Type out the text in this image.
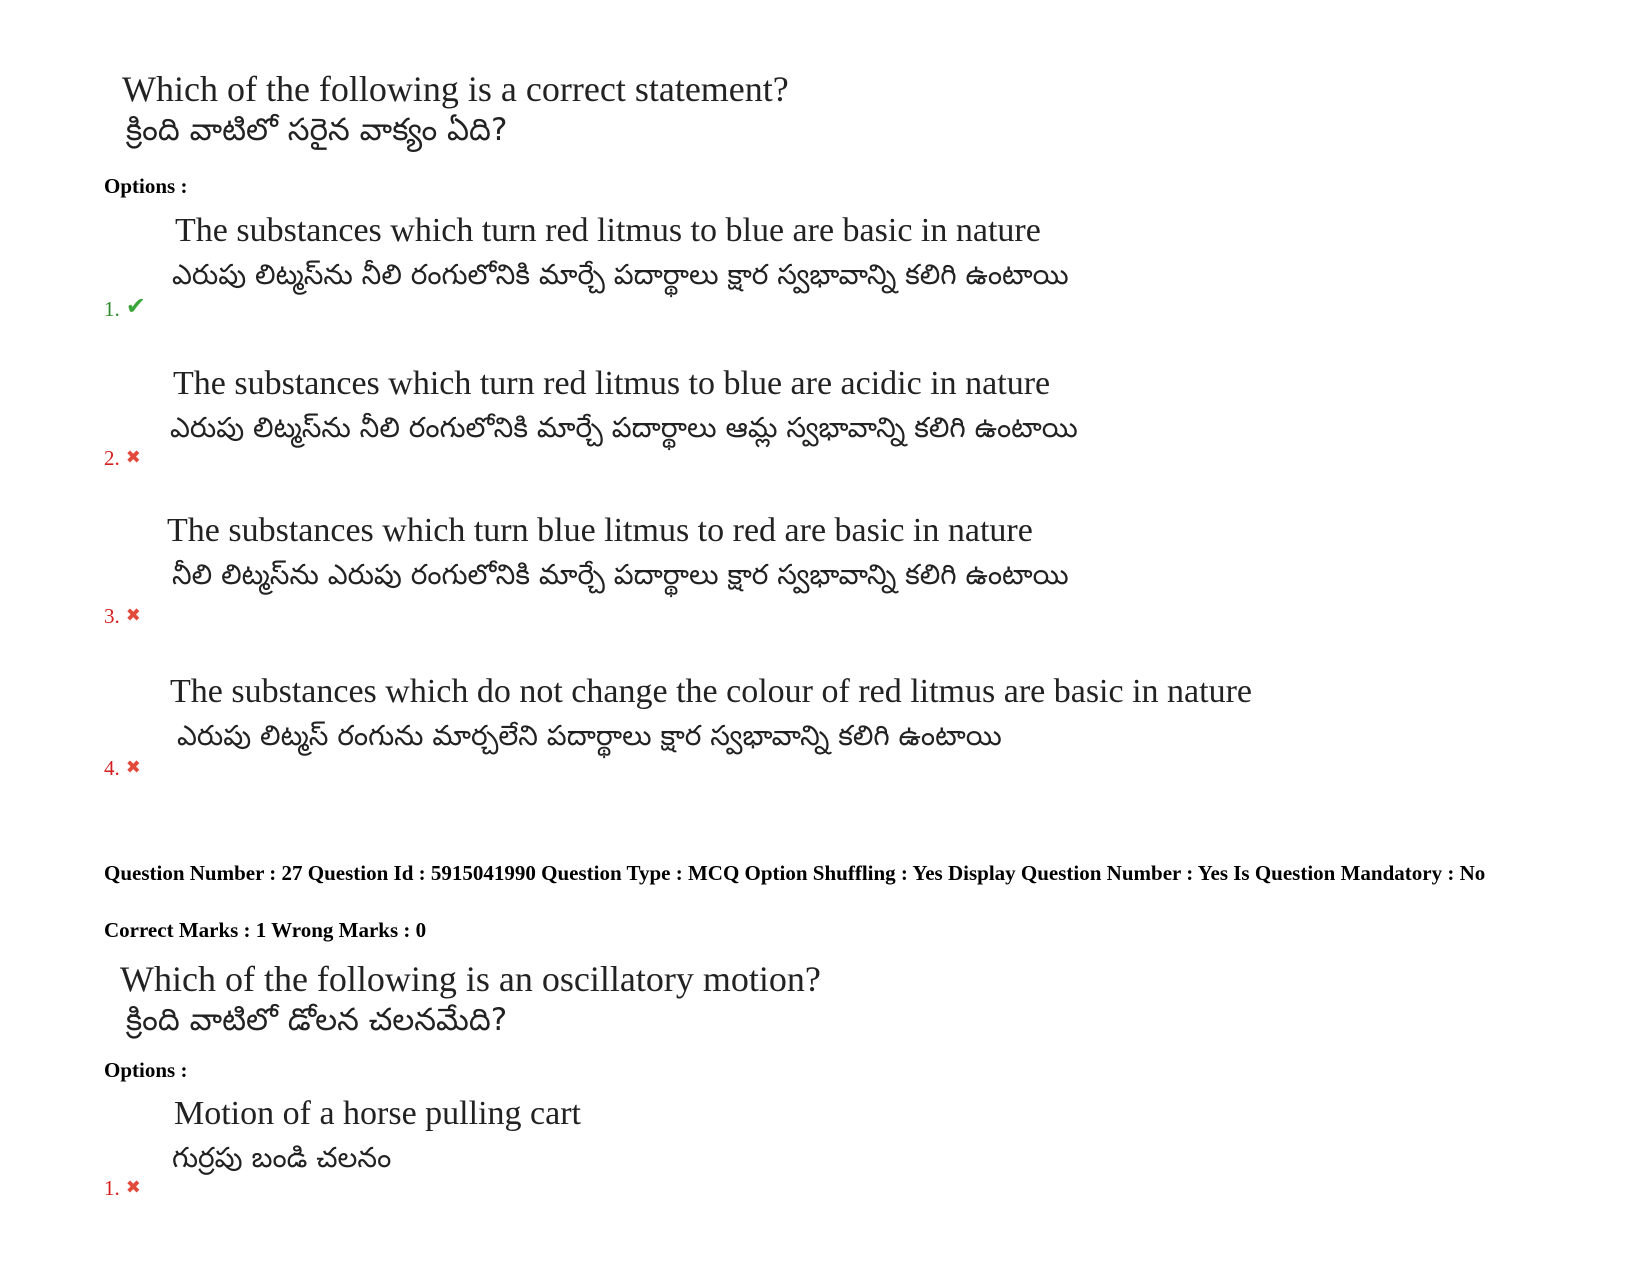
Which of the following is a correct statement?
క్రింది వాటిలో సరైన వాక్యం ఏది?
Options :
The substances which turn red litmus to blue are basic in nature
ఎరుపు లిట్మస్‌ను నీలి రంగులోనికి మార్చే పదార్థాలు క్షార స్వభావాన్ని కలిగి ఉంటాయి
1. ✔
The substances which turn red litmus to blue are acidic in nature
ఎరుపు లిట్మస్‌ను నీలి రంగులోనికి మార్చే పదార్థాలు ఆమ్ల స్వభావాన్ని కలిగి ఉంటాయి
2. ✖
The substances which turn blue litmus to red are basic in nature
నీలి లిట్మస్‌ను ఎరుపు రంగులోనికి మార్చే పదార్థాలు క్షార స్వభావాన్ని కలిగి ఉంటాయి
3. ✖
The substances which do not change the colour of red litmus are basic in nature
ఎరుపు లిట్మస్ రంగును మార్చలేని పదార్థాలు క్షార స్వభావాన్ని కలిగి ఉంటాయి
4. ✖
Question Number : 27 Question Id : 5915041990 Question Type : MCQ Option Shuffling : Yes Display Question Number : Yes Is Question Mandatory : No
Correct Marks : 1 Wrong Marks : 0
Which of the following is an oscillatory motion?
క్రింది వాటిలో డోలన చలనమేది?
Options :
Motion of a horse pulling cart
గుర్రపు బండి చలనం
1. ✖
